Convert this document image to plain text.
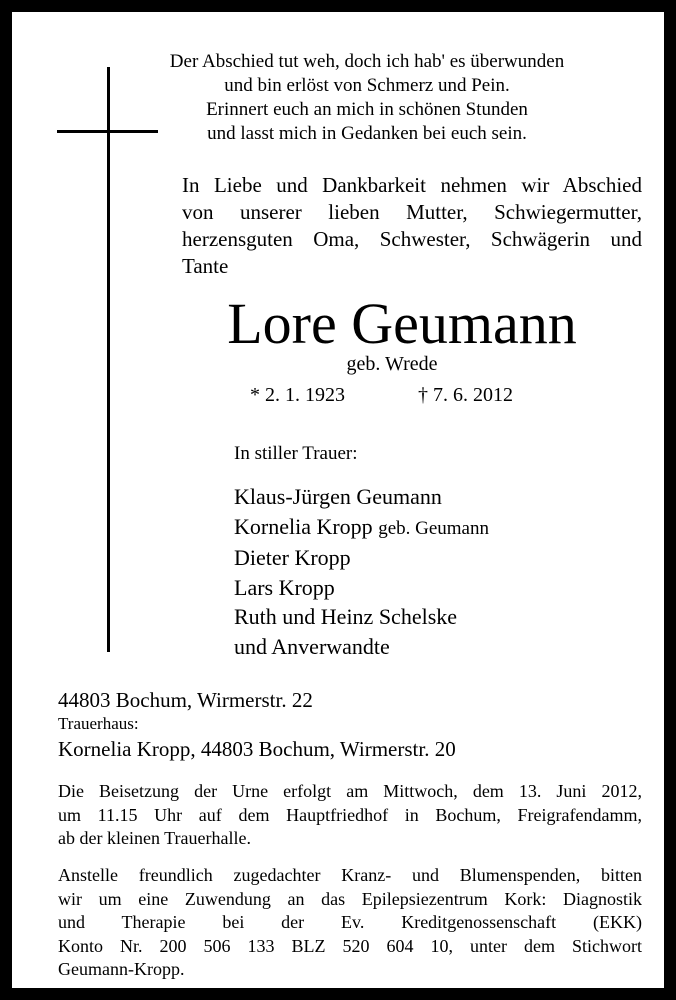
Der Abschied tut weh, doch ich hab' es überwunden
und bin erlöst von Schmerz und Pein.
Erinnert euch an mich in schönen Stunden
und lasst mich in Gedanken bei euch sein.
In Liebe und Dankbarkeit nehmen wir Abschied
von unserer lieben Mutter, Schwiegermutter,
herzensguten Oma, Schwester, Schwägerin und
Tante
Lore Geumann
geb. Wrede
* 2. 1. 1923	† 7. 6. 2012
In stiller Trauer:
Klaus-Jürgen Geumann
Kornelia Kropp geb. Geumann
Dieter Kropp
Lars Kropp
Ruth und Heinz Schelske
und Anverwandte
44803 Bochum, Wirmerstr. 22
Trauerhaus:
Kornelia Kropp, 44803 Bochum, Wirmerstr. 20
Die Beisetzung der Urne erfolgt am Mittwoch, dem 13. Juni 2012,
um 11.15 Uhr auf dem Hauptfriedhof in Bochum, Freigrafendamm,
ab der kleinen Trauerhalle.
Anstelle freundlich zugedachter Kranz- und Blumenspenden, bitten
wir um eine Zuwendung an das Epilepsiezentrum Kork: Diagnostik
und Therapie bei der Ev. Kreditgenossenschaft (EKK)
Konto Nr. 200 506 133 BLZ 520 604 10, unter dem Stichwort
Geumann-Kropp.
